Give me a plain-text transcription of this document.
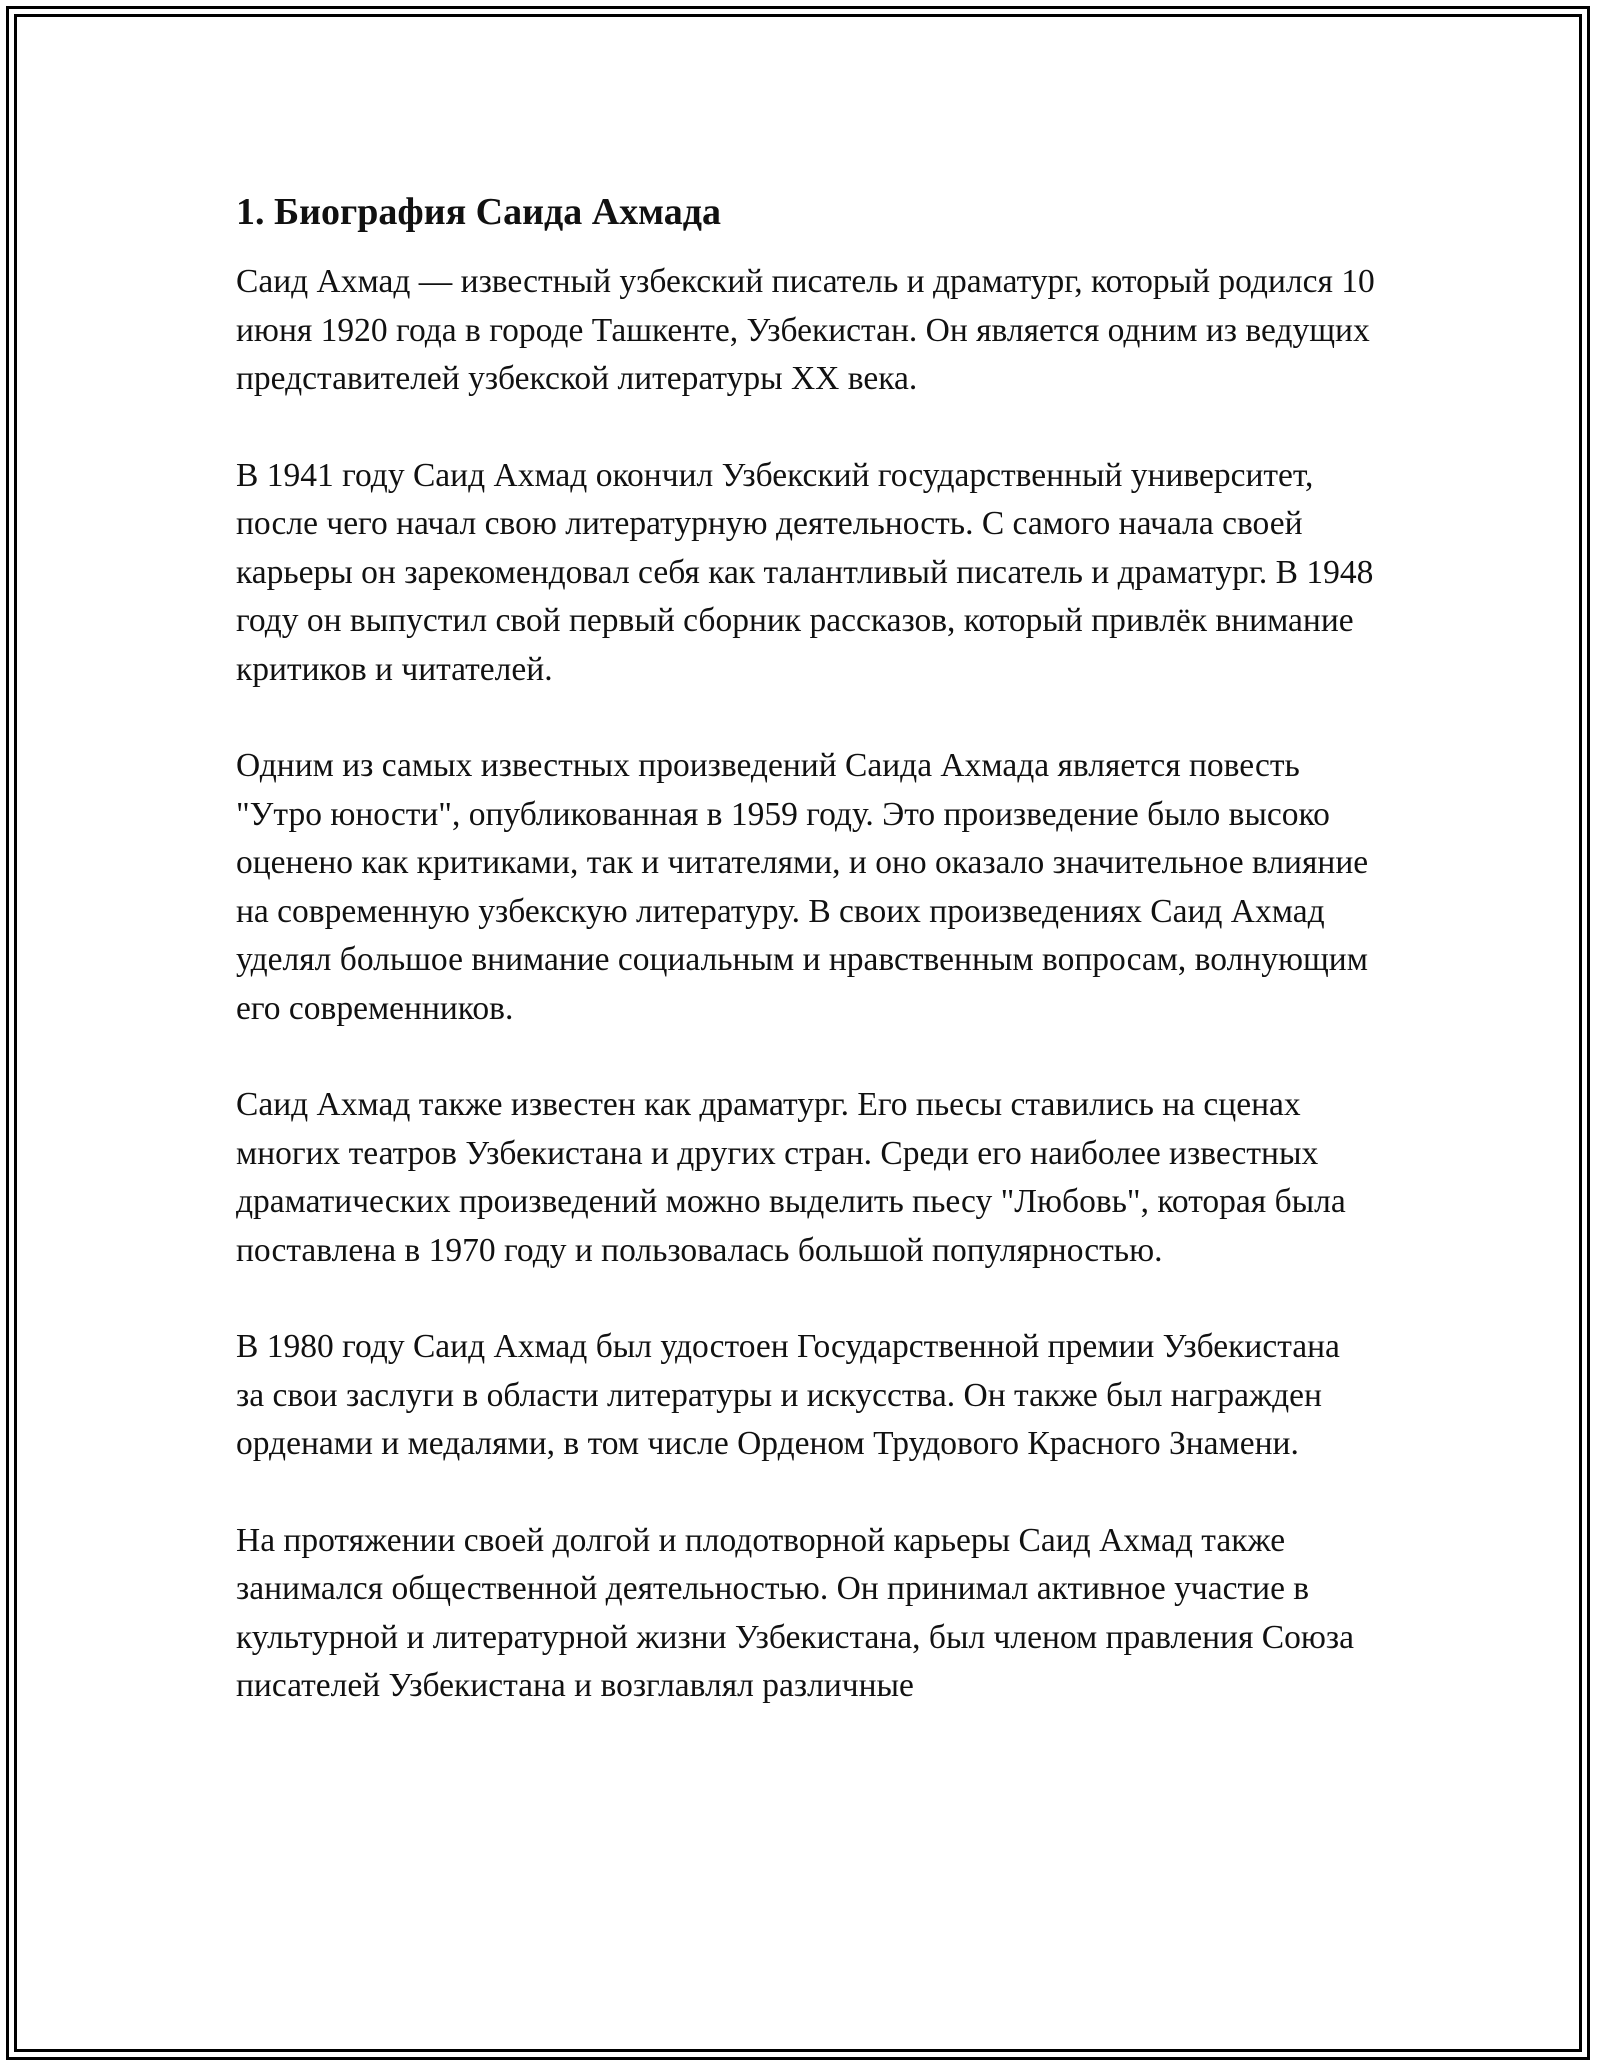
1. Биография Саида Ахмада

Саид Ахмад — известный узбекский писатель и драматург, который родился 10 июня 1920 года в городе Ташкенте, Узбекистан. Он является одним из ведущих представителей узбекской литературы XX века.

В 1941 году Саид Ахмад окончил Узбекский государственный университет, после чего начал свою литературную деятельность. С самого начала своей карьеры он зарекомендовал себя как талантливый писатель и драматург. В 1948 году он выпустил свой первый сборник рассказов, который привлёк внимание критиков и читателей.

Одним из самых известных произведений Саида Ахмада является повесть "Утро юности", опубликованная в 1959 году. Это произведение было высоко оценено как критиками, так и читателями, и оно оказало значительное влияние на современную узбекскую литературу. В своих произведениях Саид Ахмад уделял большое внимание социальным и нравственным вопросам, волнующим его современников.

Саид Ахмад также известен как драматург. Его пьесы ставились на сценах многих театров Узбекистана и других стран. Среди его наиболее известных драматических произведений можно выделить пьесу "Любовь", которая была поставлена в 1970 году и пользовалась большой популярностью.

В 1980 году Саид Ахмад был удостоен Государственной премии Узбекистана за свои заслуги в области литературы и искусства. Он также был награжден орденами и медалями, в том числе Орденом Трудового Красного Знамени.

На протяжении своей долгой и плодотворной карьеры Саид Ахмад также занимался общественной деятельностью. Он принимал активное участие в культурной и литературной жизни Узбекистана, был членом правления Союза писателей Узбекистана и возглавлял различные
